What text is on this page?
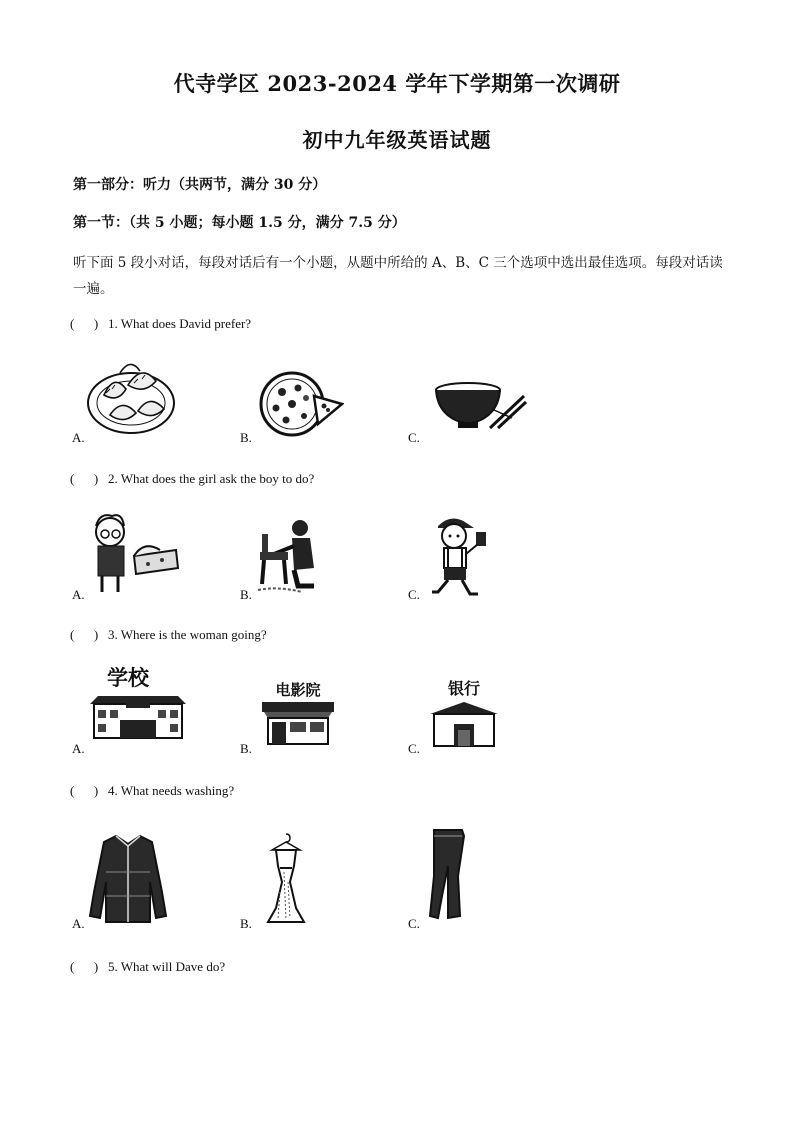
代寺学区 2023-2024 学年下学期第一次调研
初中九年级英语试题
第一部分：听力（共两节，满分 30 分）
第一节：（共 5 小题；每小题 1.5 分，满分 7.5 分）
听下面 5 段小对话，每段对话后有一个小题，从题中所给的 A、B、C 三个选项中选出最佳选项。每段对话读一遍。
( ) 1. What does David prefer?
A.	B.	C.
( ) 2. What does the girl ask the boy to do?
A.	B.	C.
( ) 3. Where is the woman going?
A.	B.	C.
学校	电影院	银行
( ) 4. What needs washing?
A.	B.	C.
( ) 5. What will Dave do?
